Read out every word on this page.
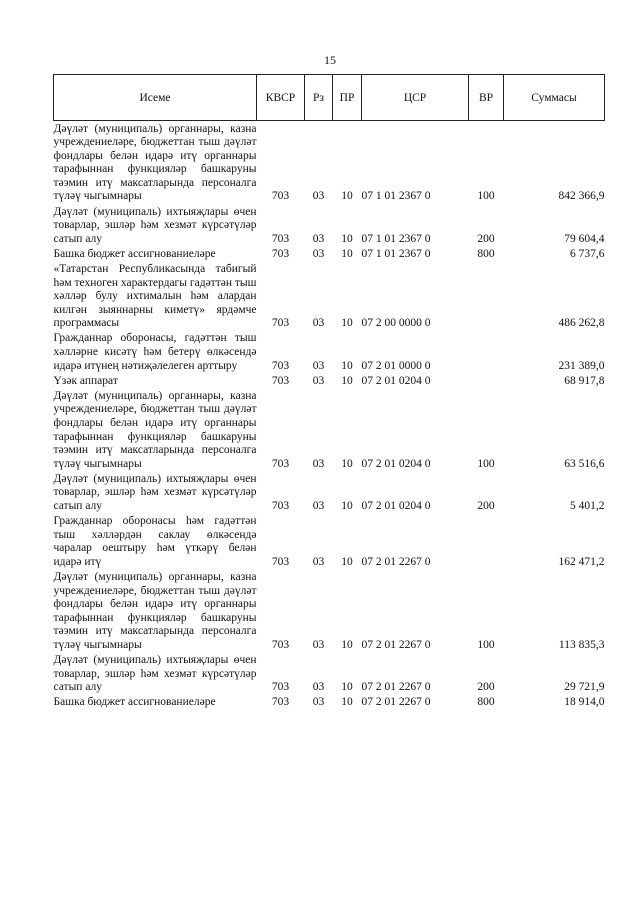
15
Исеме	КВСР	Рз	ПР	ЦСР	ВР	Суммасы
Дәүләт (муниципаль) органнары, казна учреждениеләре, бюджеттан тыш дәүләт фондлары белән идарә итү органнары тарафыннан функцияләр башкаруны тәэмин итү максатларында персоналга түләү чыгымнары	703	03	10	07 1 01 2367 0	100	842 366,9
Дәүләт (муниципаль) ихтыяҗлары өчен товарлар, эшләр һәм хезмәт күрсәтүләр сатып алу	703	03	10	07 1 01 2367 0	200	79 604,4
Башка бюджет ассигнованиеләре	703	03	10	07 1 01 2367 0	800	6 737,6
«Татарстан Республикасында табигый һәм техноген характердагы гадәттән тыш хәлләр булу ихтималын һәм алардан килгән зыяннарны киметү» ярдәмче программасы	703	03	10	07 2 00 0000 0		486 262,8
Гражданнар оборонасы, гадәттән тыш хәлләрне кисәтү һәм бетерү өлкәсендә идарә итүнең нәтиҗәлелеген арттыру	703	03	10	07 2 01 0000 0		231 389,0
Үзәк аппарат	703	03	10	07 2 01 0204 0		68 917,8
Дәүләт (муниципаль) органнары, казна учреждениеләре, бюджеттан тыш дәүләт фондлары белән идарә итү органнары тарафыннан функцияләр башкаруны тәэмин итү максатларында персоналга түләү чыгымнары	703	03	10	07 2 01 0204 0	100	63 516,6
Дәүләт (муниципаль) ихтыяҗлары өчен товарлар, эшләр һәм хезмәт күрсәтүләр сатып алу	703	03	10	07 2 01 0204 0	200	5 401,2
Гражданнар оборонасы һәм гадәттән тыш хәлләрдән саклау өлкәсендә чаралар оештыру һәм үткәрү белән идарә итү	703	03	10	07 2 01 2267 0		162 471,2
Дәүләт (муниципаль) органнары, казна учреждениеләре, бюджеттан тыш дәүләт фондлары белән идарә итү органнары тарафыннан функцияләр башкаруны тәэмин итү максатларында персоналга түләү чыгымнары	703	03	10	07 2 01 2267 0	100	113 835,3
Дәүләт (муниципаль) ихтыяҗлары өчен товарлар, эшләр һәм хезмәт күрсәтүләр сатып алу	703	03	10	07 2 01 2267 0	200	29 721,9
Башка бюджет ассигнованиеләре	703	03	10	07 2 01 2267 0	800	18 914,0
